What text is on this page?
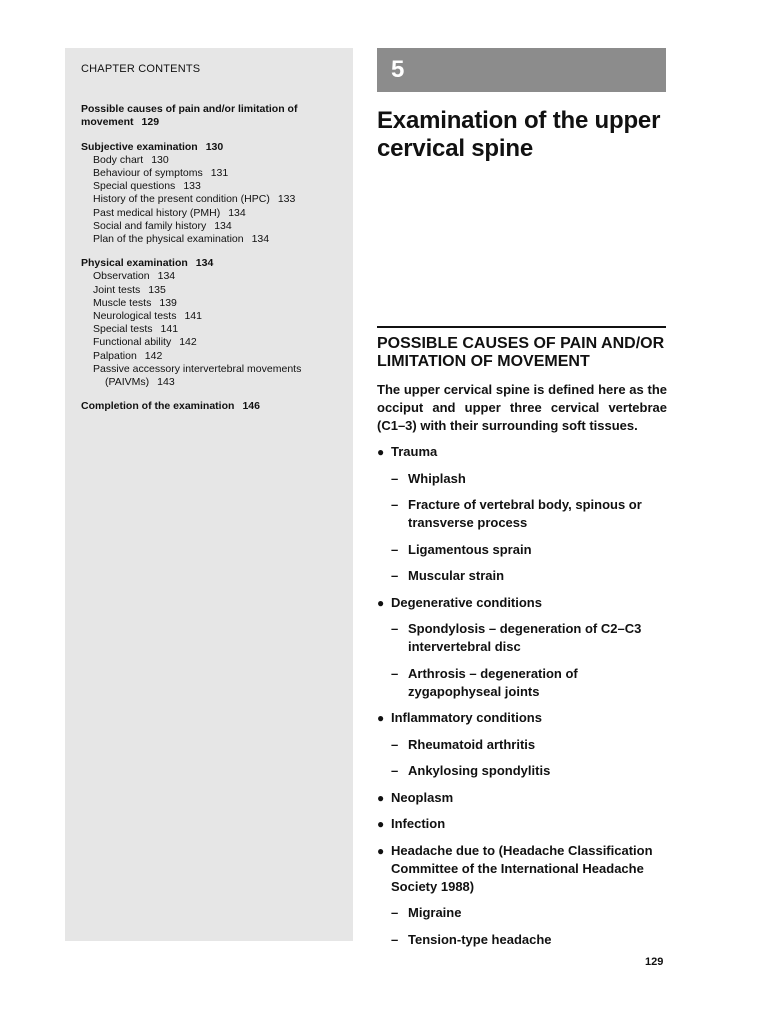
CHAPTER CONTENTS
Possible causes of pain and/or limitation of movement 129
Subjective examination 130
Body chart 130
Behaviour of symptoms 131
Special questions 133
History of the present condition (HPC) 133
Past medical history (PMH) 134
Social and family history 134
Plan of the physical examination 134
Physical examination 134
Observation 134
Joint tests 135
Muscle tests 139
Neurological tests 141
Special tests 141
Functional ability 142
Palpation 142
Passive accessory intervertebral movements
(PAIVMs) 143
Completion of the examination 146
5
Examination of the upper
cervical spine
POSSIBLE CAUSES OF PAIN AND/OR
LIMITATION OF MOVEMENT
The upper cervical spine is defined here as the occiput and upper three cervical vertebrae (C1–3) with their surrounding soft tissues.
● Trauma
– Whiplash
– Fracture of vertebral body, spinous or transverse process
– Ligamentous sprain
– Muscular strain
● Degenerative conditions
– Spondylosis – degeneration of C2–C3 intervertebral disc
– Arthrosis – degeneration of zygapophyseal joints
● Inflammatory conditions
– Rheumatoid arthritis
– Ankylosing spondylitis
● Neoplasm
● Infection
● Headache due to (Headache Classification Committee of the International Headache Society 1988)
– Migraine
– Tension-type headache
129
